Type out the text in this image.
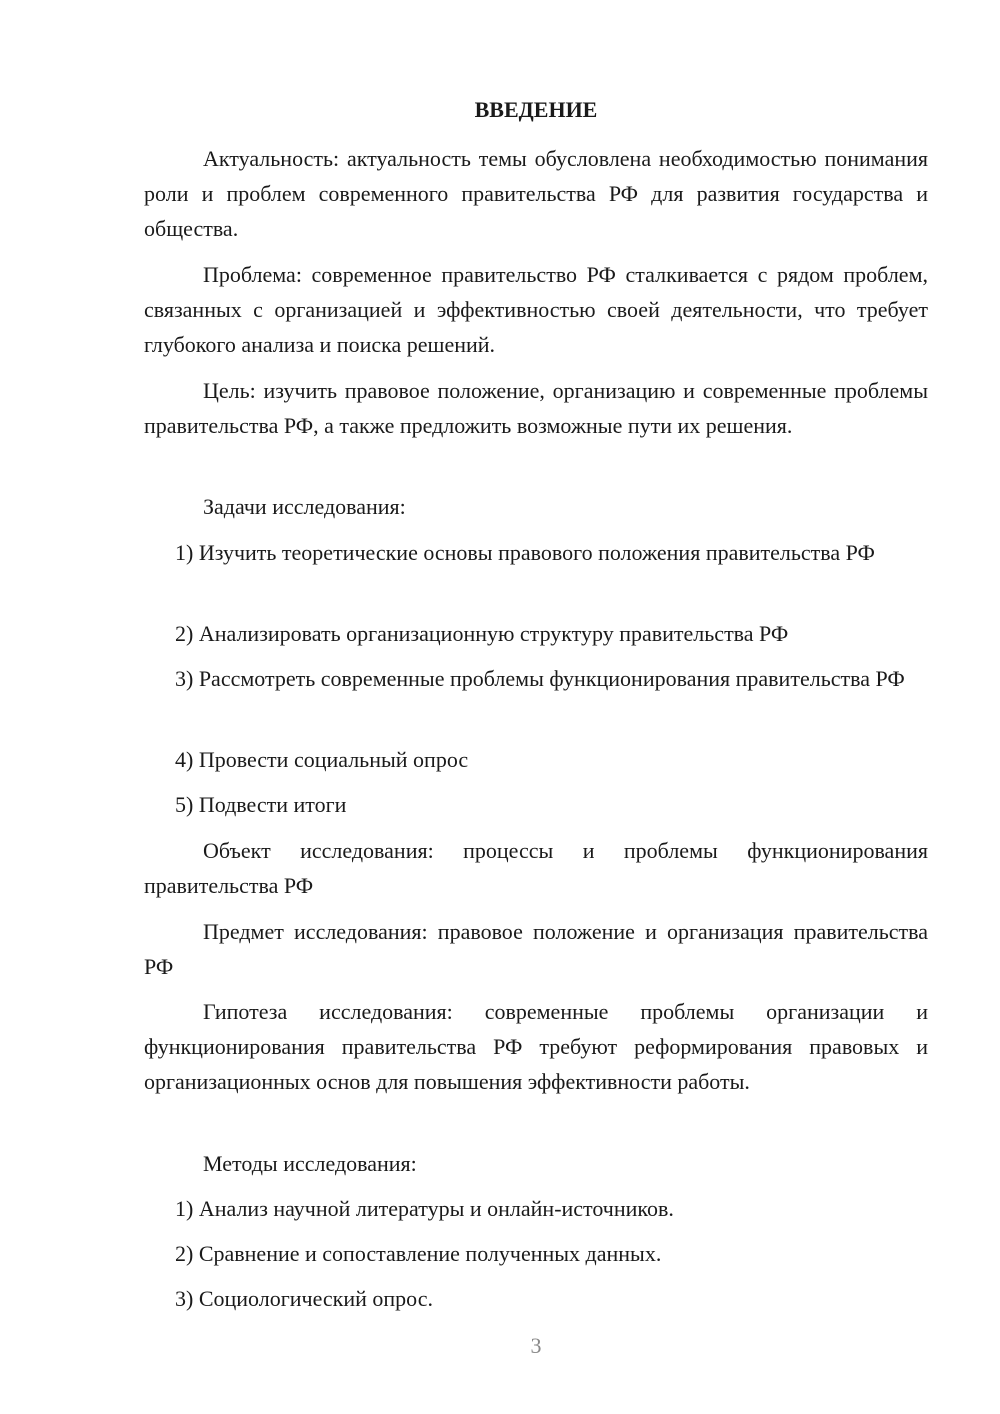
ВВЕДЕНИЕ

Актуальность: актуальность темы обусловлена необходимостью понимания роли и проблем современного правительства РФ для развития государства и общества.

Проблема: современное правительство РФ сталкивается с рядом проблем, связанных с организацией и эффективностью своей деятельности, что требует глубокого анализа и поиска решений.

Цель: изучить правовое положение, организацию и современные проблемы правительства РФ, а также предложить возможные пути их решения.

Задачи исследования:

1) Изучить теоретические основы правового положения правительства РФ

2) Анализировать организационную структуру правительства РФ

3) Рассмотреть современные проблемы функционирования правительства РФ

4) Провести социальный опрос

5) Подвести итоги

Объект исследования: процессы и проблемы функционирования правительства РФ

Предмет исследования: правовое положение и организация правительства РФ

Гипотеза исследования: современные проблемы организации и функционирования правительства РФ требуют реформирования правовых и организационных основ для повышения эффективности работы.

Методы исследования:

1) Анализ научной литературы и онлайн-источников.

2) Сравнение и сопоставление полученных данных.

3) Социологический опрос.

3
